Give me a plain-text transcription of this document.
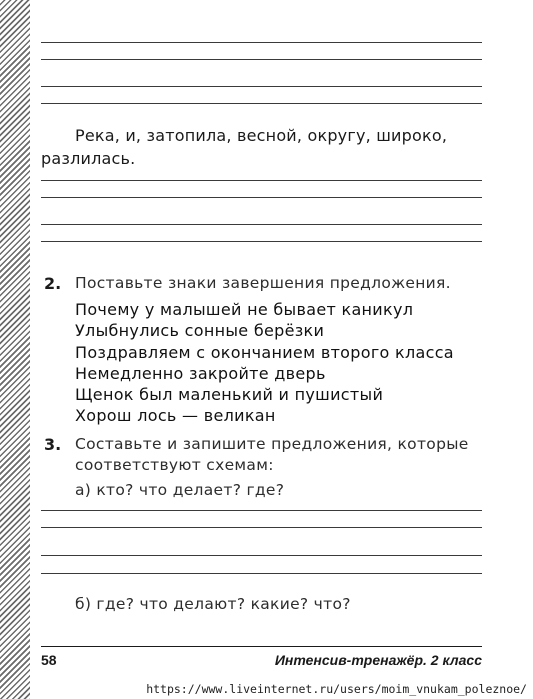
Река, и, затопила, весной, округу, широко,
разлилась.
2. Поставьте знаки завершения предложения.
Почему у малышей не бывает каникул
Улыбнулись сонные берёзки
Поздравляем с окончанием второго класса
Немедленно закройте дверь
Щенок был маленький и пушистый
Хорош лось — великан
3. Составьте и запишите предложения, которые
соответствуют схемам:
а) кто? что делает? где?
б) где? что делают? какие? что?
58	Интенсив-тренажёр. 2 класс
https://www.liveinternet.ru/users/moim_vnukam_poleznoe/
